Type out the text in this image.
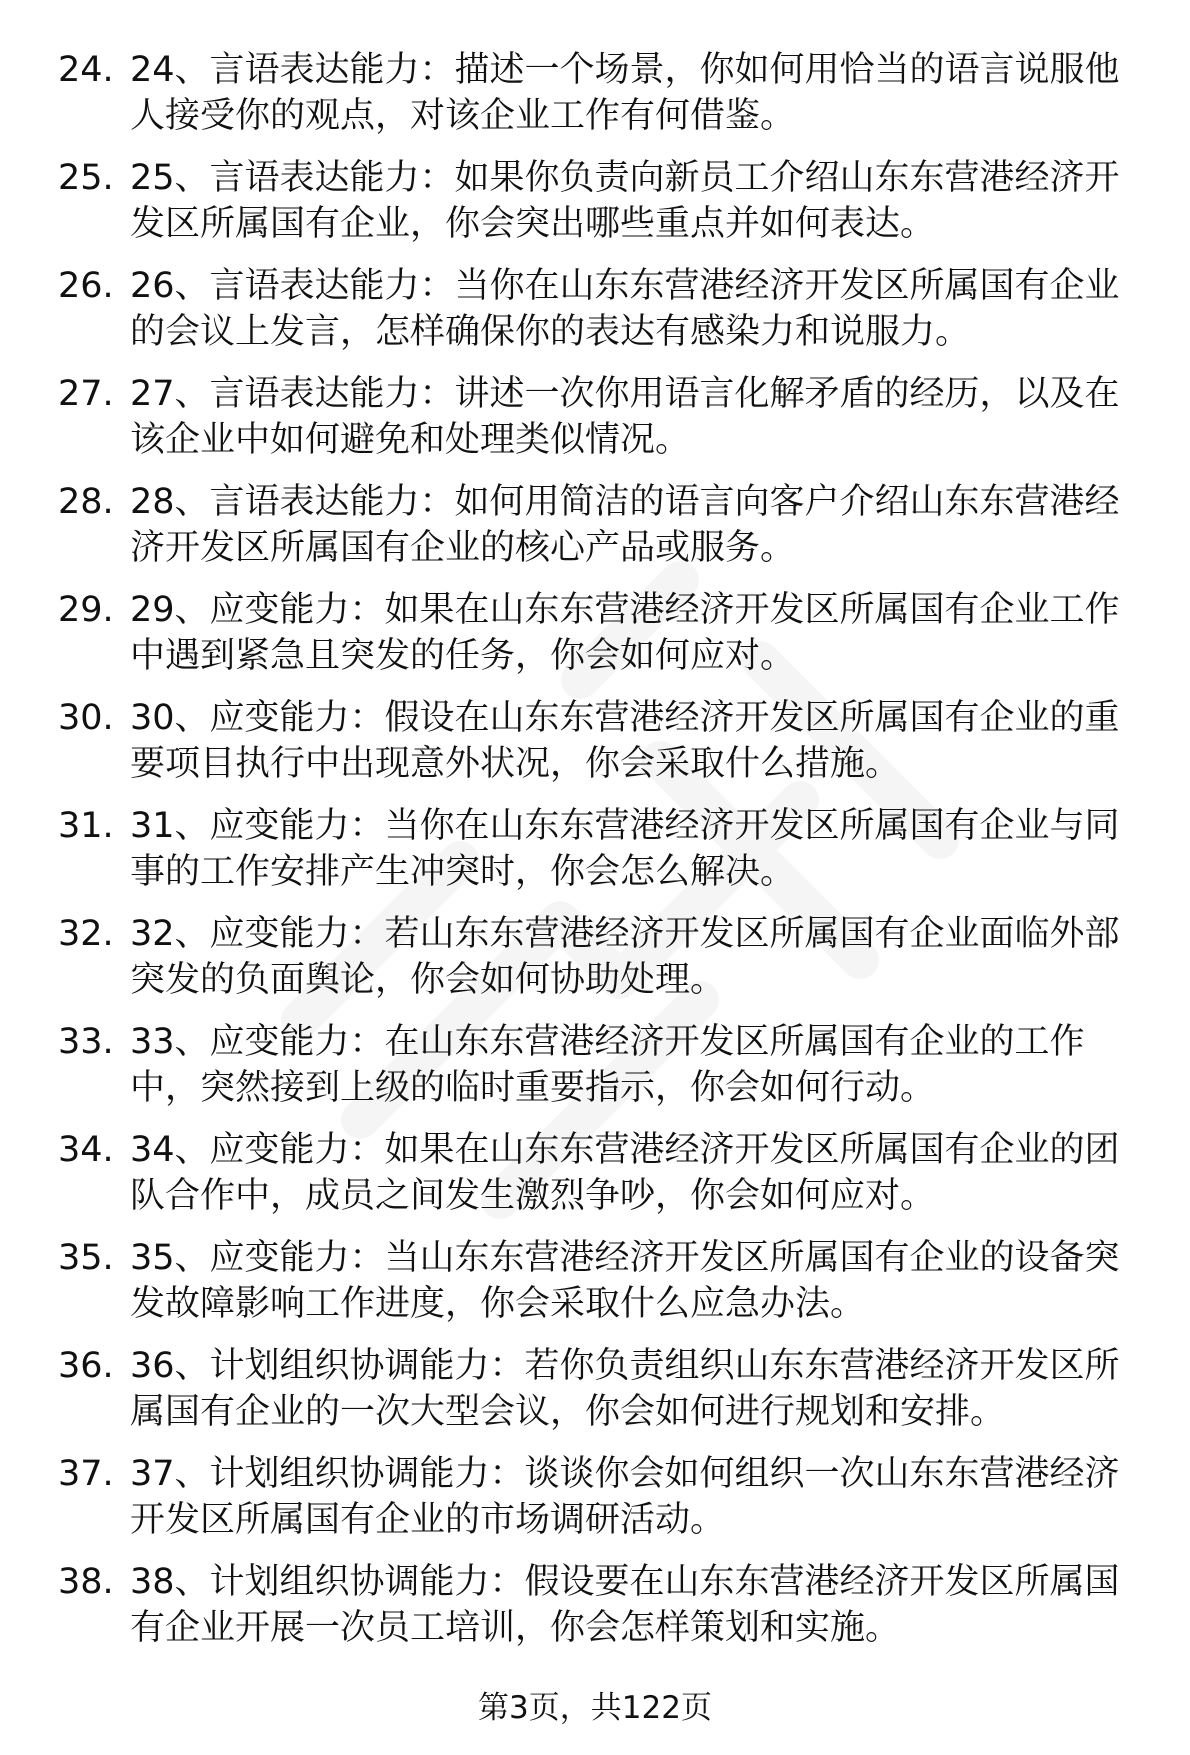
24. 24、言语表达能力：描述一个场景，你如何用恰当的语言说服他
人接受你的观点，对该企业工作有何借鉴。
25. 25、言语表达能力：如果你负责向新员工介绍山东东营港经济开
发区所属国有企业，你会突出哪些重点并如何表达。
26. 26、言语表达能力：当你在山东东营港经济开发区所属国有企业
的会议上发言，怎样确保你的表达有感染力和说服力。
27. 27、言语表达能力：讲述一次你用语言化解矛盾的经历，以及在
该企业中如何避免和处理类似情况。
28. 28、言语表达能力：如何用简洁的语言向客户介绍山东东营港经
济开发区所属国有企业的核心产品或服务。
29. 29、应变能力：如果在山东东营港经济开发区所属国有企业工作
中遇到紧急且突发的任务，你会如何应对。
30. 30、应变能力：假设在山东东营港经济开发区所属国有企业的重
要项目执行中出现意外状况，你会采取什么措施。
31. 31、应变能力：当你在山东东营港经济开发区所属国有企业与同
事的工作安排产生冲突时，你会怎么解决。
32. 32、应变能力：若山东东营港经济开发区所属国有企业面临外部
突发的负面舆论，你会如何协助处理。
33. 33、应变能力：在山东东营港经济开发区所属国有企业的工作
中，突然接到上级的临时重要指示，你会如何行动。
34. 34、应变能力：如果在山东东营港经济开发区所属国有企业的团
队合作中，成员之间发生激烈争吵，你会如何应对。
35. 35、应变能力：当山东东营港经济开发区所属国有企业的设备突
发故障影响工作进度，你会采取什么应急办法。
36. 36、计划组织协调能力：若你负责组织山东东营港经济开发区所
属国有企业的一次大型会议，你会如何进行规划和安排。
37. 37、计划组织协调能力：谈谈你会如何组织一次山东东营港经济
开发区所属国有企业的市场调研活动。
38. 38、计划组织协调能力：假设要在山东东营港经济开发区所属国
有企业开展一次员工培训，你会怎样策划和实施。
第3页，共122页
